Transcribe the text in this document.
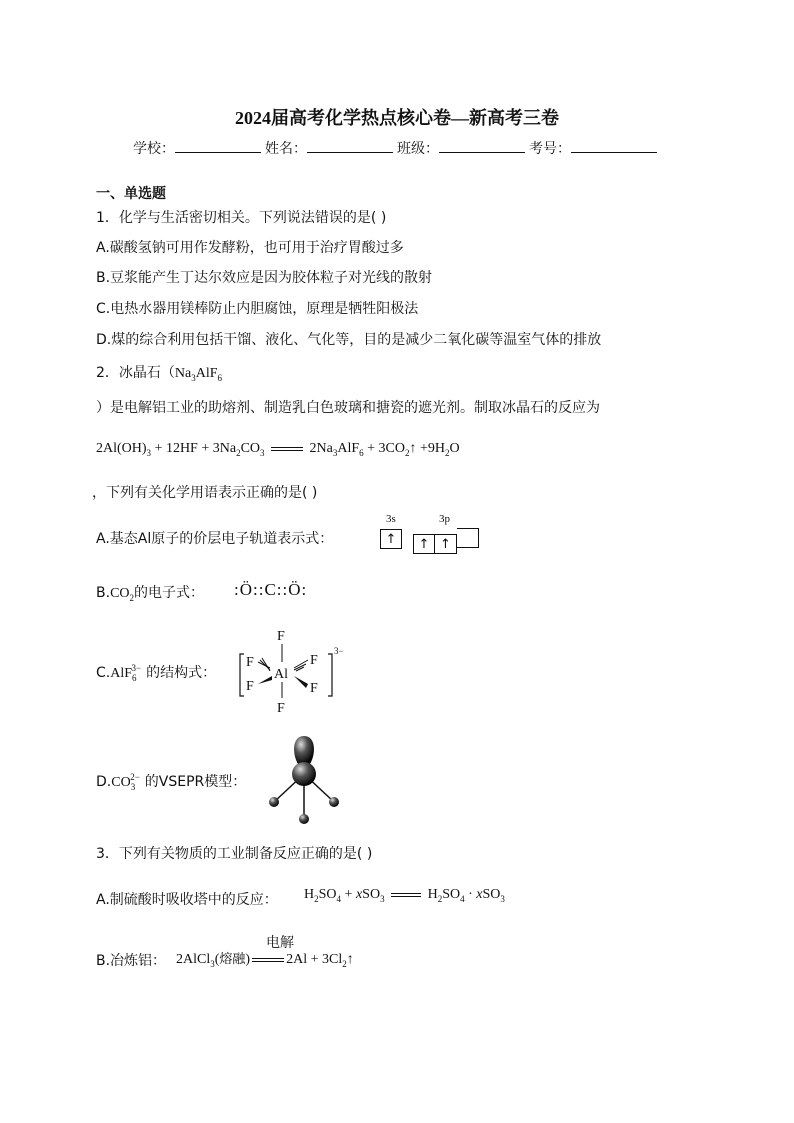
2024届高考化学热点核心卷—新高考三卷
学校：	姓名：	班级：	考号：
一、单选题
1．化学与生活密切相关。下列说法错误的是( )
A.碳酸氢钠可用作发酵粉，也可用于治疗胃酸过多
B.豆浆能产生丁达尔效应是因为胶体粒子对光线的散射
C.电热水器用镁棒防止内胆腐蚀，原理是牺牲阳极法
D.煤的综合利用包括干馏、液化、气化等，目的是减少二氧化碳等温室气体的排放
2．冰晶石（$Na_3AlF_6$
）是电解铝工业的助熔剂、制造乳白色玻璃和搪瓷的遮光剂。制取冰晶石的反应为
$2Al(OH)_3 + 12HF + 3Na_2CO_3$	$2Na_3AlF_6$ + $3CO_2↑ +9H_2O$
，下列有关化学用语表示正确的是( )
A.基态Al原子的价层电子轨道表示式：
3s	3p
↑	↑ ↑
$B.CO_2$的电子式： :Ö::C::Ö:
C.AlF$_6^{3-}$ 的结构式：
3−
F
Al
F
F	F
F	F
$D.CO_3^{2-}$ 的VSEPR模型：
3．下列有关物质的工业制备反应正确的是( )
A.制硫酸时吸收塔中的反应： $H_2SO_4 + xSO_3$	$H_2SO_4 \cdot xSO_3$
B.冶炼铝：
电解
2AlCl$_3$(熔融)	$2Al + 3Cl_2↑$
